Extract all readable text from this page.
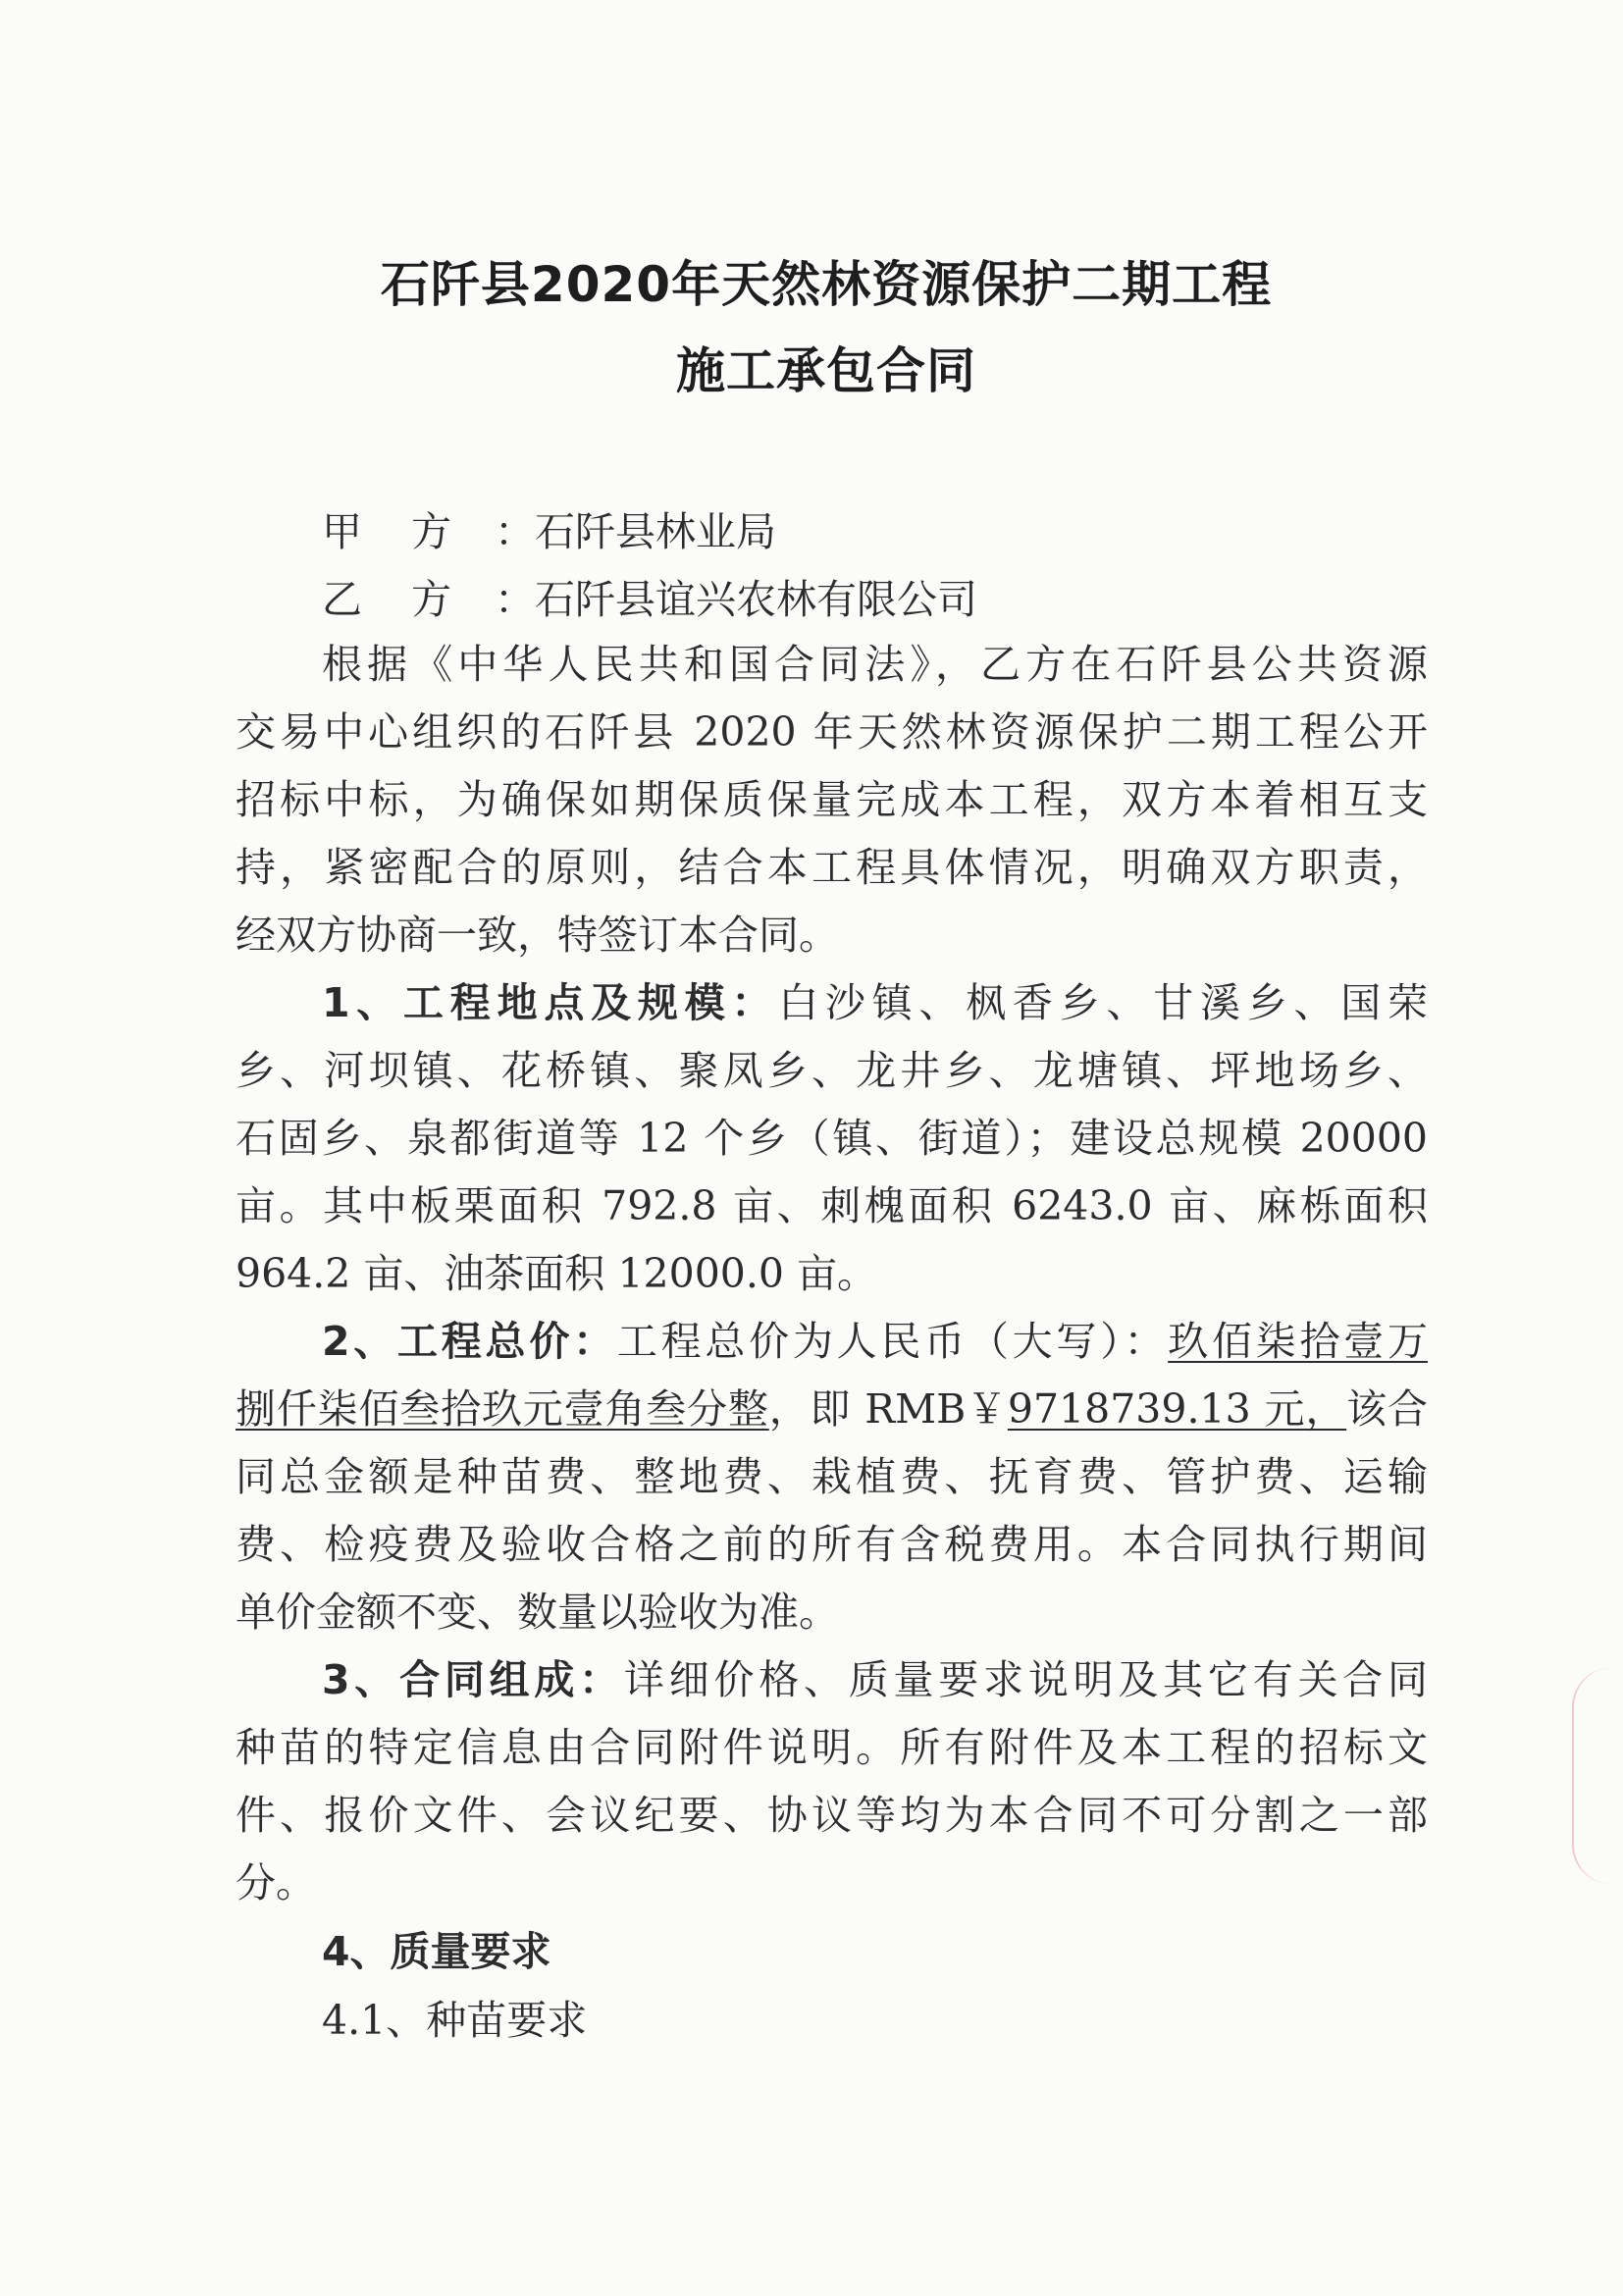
石阡县2020年天然林资源保护二期工程
施工承包合同
甲方：石阡县林业局
乙方：石阡县谊兴农林有限公司
根据《中华人民共和国合同法》，乙方在石阡县公共资源
交易中心组织的石阡县 2020 年天然林资源保护二期工程公开
招标中标，为确保如期保质保量完成本工程，双方本着相互支
持，紧密配合的原则，结合本工程具体情况，明确双方职责，
经双方协商一致，特签订本合同。
1、工程地点及规模：白沙镇、枫香乡、甘溪乡、国荣
乡、河坝镇、花桥镇、聚凤乡、龙井乡、龙塘镇、坪地场乡、
石固乡、泉都街道等 12 个乡（镇、街道）；建设总规模 20000
亩。其中板栗面积 792.8 亩、刺槐面积 6243.0 亩、麻栎面积
964.2 亩、油茶面积 12000.0 亩。
2、工程总价：工程总价为人民币（大写）：玖佰柒拾壹万
捌仟柒佰叁拾玖元壹角叁分整，即 RMB￥9718739.13 元，该合
同总金额是种苗费、整地费、栽植费、抚育费、管护费、运输
费、检疫费及验收合格之前的所有含税费用。本合同执行期间
单价金额不变、数量以验收为准。
3、合同组成：详细价格、质量要求说明及其它有关合同
种苗的特定信息由合同附件说明。所有附件及本工程的招标文
件、报价文件、会议纪要、协议等均为本合同不可分割之一部
分。
4、质量要求
4.1、种苗要求
